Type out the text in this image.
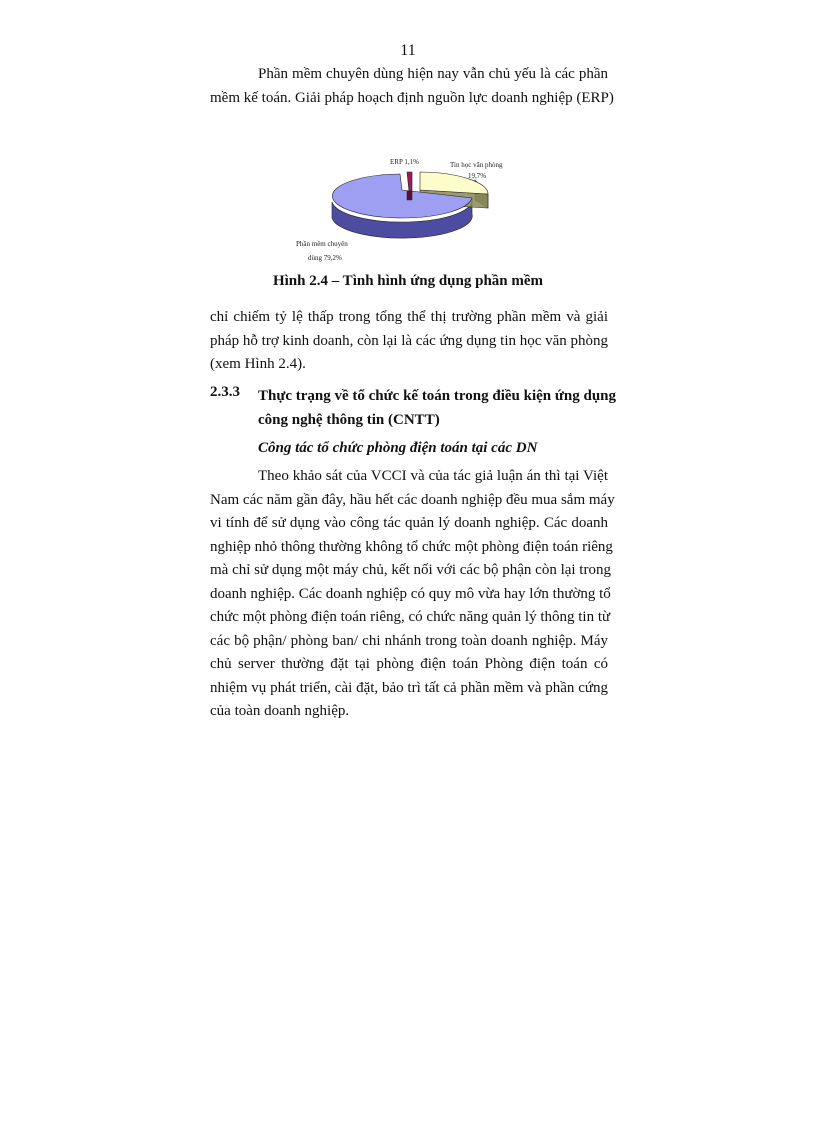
11

Phần mềm chuyên dùng hiện nay vẫn chủ yếu là các phần
mềm kế toán. Giải pháp hoạch định nguồn lực doanh nghiệp (ERP)

ERP 1,1%	Tin học văn phòng
19,7%
Phần mềm chuyên
dùng 79,2%
Hình 2.4 – Tình hình ứng dụng phần mềm

chỉ chiếm tỷ lệ thấp trong tổng thể thị trường phần mềm và giải
pháp hỗ trợ kinh doanh, còn lại là các ứng dụng tin học văn phòng
(xem Hình 2.4).

2.3.3 Thực trạng về tổ chức kế toán trong điều kiện ứng dụng
công nghệ thông tin (CNTT)
Công tác tổ chức phòng điện toán tại các DN

Theo khảo sát của VCCI và của tác giả luận án thì tại Việt
Nam các năm gần đây, hầu hết các doanh nghiệp đều mua sắm máy
vi tính để sử dụng vào công tác quản lý doanh nghiệp. Các doanh
nghiệp nhỏ thông thường không tổ chức một phòng điện toán riêng
mà chỉ sử dụng một máy chủ, kết nối với các bộ phận còn lại trong
doanh nghiệp. Các doanh nghiệp có quy mô vừa hay lớn thường tổ
chức một phòng điện toán riêng, có chức năng quản lý thông tin từ
các bộ phận/ phòng ban/ chi nhánh trong toàn doanh nghiệp. Máy
chủ server thường đặt tại phòng điện toán Phòng điện toán có
nhiệm vụ phát triển, cài đặt, bảo trì tất cả phần mềm và phần cứng
của toàn doanh nghiệp.
